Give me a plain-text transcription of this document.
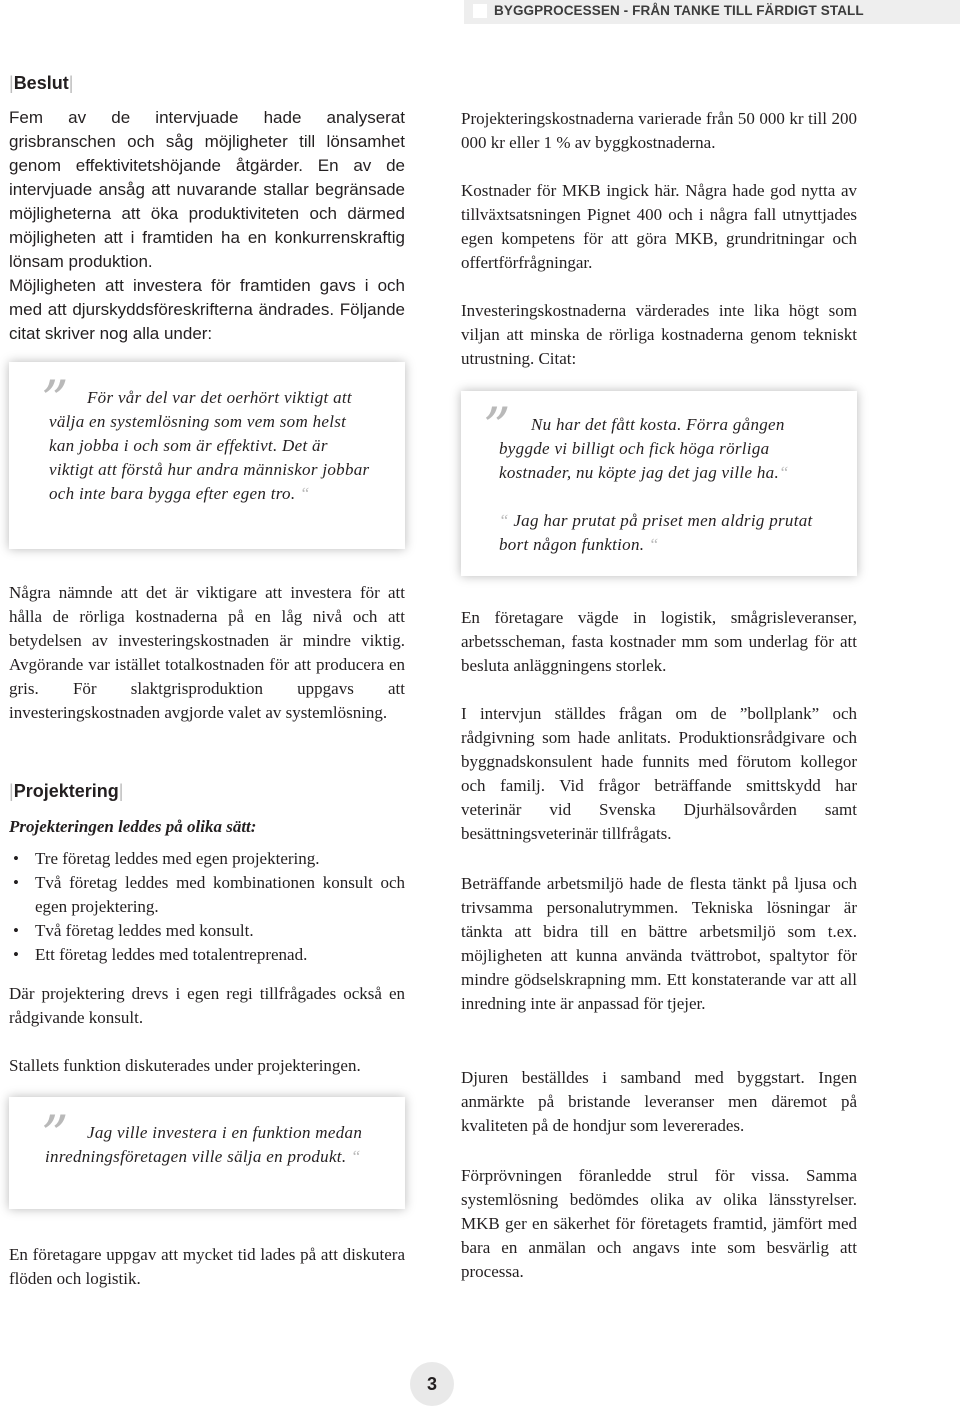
BYGGPROCESSEN - FRÅN TANKE TILL FÄRDIGT STALL
|Beslut|

Fem av de intervjuade hade analyserat grisbranschen och såg möjligheter till lönsamhet genom effektivitetshöjande åtgärder. En av de intervjuade ansåg att nuvarande stallar begränsade möjligheterna att öka produktiviteten och därmed möjligheten att i framtiden ha en konkurrenskraftig lönsam produktion.

Möjligheten att investera för framtiden gavs i och med att djurskyddsföreskrifterna ändrades. Följande citat skriver nog alla under:

”	För vår del var det oerhört viktigt att välja en systemlösning som vem som helst kan jobba i och som är effektivt. Det är viktigt att förstå hur andra människor jobbar och inte bara bygga efter egen tro. “

Några nämnde att det är viktigare att investera för att hålla de rörliga kostnaderna på en låg nivå och att betydelsen av investeringskostnaden är mindre viktig. Avgörande var istället totalkostnaden för att producera en gris. För slaktgrisproduktion uppgavs att investeringskostnaden avgjorde valet av systemlösning.

|Projektering|
Projekteringen leddes på olika sätt:
• Tre företag leddes med egen projektering.
• Två företag leddes med kombinationen konsult och egen projektering.
• Två företag leddes med konsult.
• Ett företag leddes med totalentreprenad.

Där projektering drevs i egen regi tillfrågades också en rådgivande konsult.

Stallets funktion diskuterades under projekteringen.

”	Jag ville investera i en funktion medan inredningsföretagen ville sälja en produkt. “

En företagare uppgav att mycket tid lades på att diskutera flöden och logistik.

Projekteringskostnaderna varierade från 50 000 kr till 200 000 kr eller 1 % av byggkostnaderna.

Kostnader för MKB ingick här. Några hade god nytta av tillväxtsatsningen Pignet 400 och i några fall utnyttjades egen kompetens för att göra MKB, grundritningar och offertförfrågningar.

Investeringskostnaderna värderades inte lika högt som viljan att minska de rörliga kostnaderna genom tekniskt utrustning. Citat:

”	Nu har det fått kosta. Förra gången byggde vi billigt och fick höga rörliga kostnader, nu köpte jag det jag ville ha.“
“ Jag har prutat på priset men aldrig prutat bort någon funktion. “

En företagare vägde in logistik, smågrisleveranser, arbetsscheman, fasta kostnader mm som underlag för att besluta anläggningens storlek.

I intervjun ställdes frågan om de ”bollplank” och rådgivning som hade anlitats. Produktionsrådgivare och byggnadskonsulent hade funnits med förutom kollegor och familj. Vid frågor beträffande smittskydd har veterinär vid Svenska Djurhälsovården samt besättningsveterinär tillfrågats.

Beträffande arbetsmiljö hade de flesta tänkt på ljusa och trivsamma personalutrymmen. Tekniska lösningar är tänkta att bidra till en bättre arbetsmiljö som t.ex. möjligheten att kunna använda tvättrobot, spaltytor för mindre gödselskrapning mm. Ett konstaterande var att all inredning inte är anpassad för tjejer.

Djuren beställdes i samband med byggstart. Ingen anmärkte på bristande leveranser men däremot på kvaliteten på de hondjur som levererades.

Förprövningen föranledde strul för vissa. Samma systemlösning bedömdes olika av olika länsstyrelser. MKB ger en säkerhet för företagets framtid, jämfört med bara en anmälan och angavs inte som besvärlig att processa.

3
